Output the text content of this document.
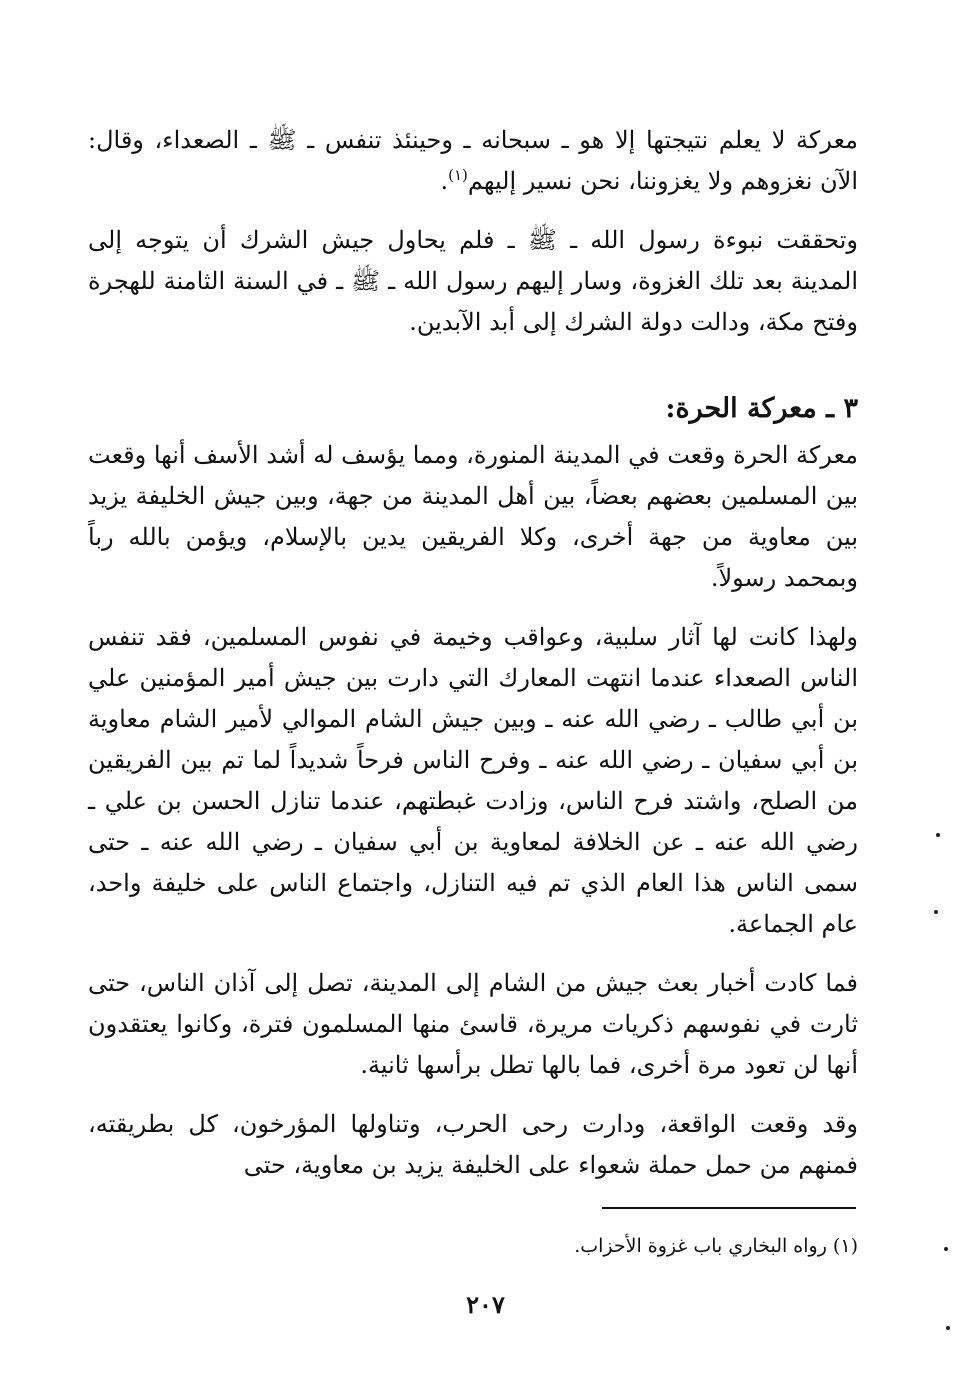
معركة لا يعلم نتيجتها إلا هو ـ سبحانه ـ وحينئذ تنفس ـ ﷺ ـ الصعداء، وقال: الآن نغزوهم ولا يغزوننا، نحن نسير إليهم$^{(١)}$.

وتحققت نبوءة رسول الله ـ ﷺ ـ فلم يحاول جيش الشرك أن يتوجه إلى المدينة بعد تلك الغزوة، وسار إليهم رسول الله ـ ﷺ ـ في السنة الثامنة للهجرة وفتح مكة، ودالت دولة الشرك إلى أبد الآبدين.

٣ ـ معركة الحرة:

معركة الحرة وقعت في المدينة المنورة، ومما يؤسف له أشد الأسف أنها وقعت بين المسلمين بعضهم بعضاً، بين أهل المدينة من جهة، وبين جيش الخليفة يزيد بين معاوية من جهة أخرى، وكلا الفريقين يدين بالإسلام، ويؤمن بالله رباً وبمحمد رسولاً.

ولهذا كانت لها آثار سلبية، وعواقب وخيمة في نفوس المسلمين، فقد تنفس الناس الصعداء عندما انتهت المعارك التي دارت بين جيش أمير المؤمنين علي بن أبي طالب ـ رضي الله عنه ـ وبين جيش الشام الموالي لأمير الشام معاوية بن أبي سفيان ـ رضي الله عنه ـ وفرح الناس فرحاً شديداً لما تم بين الفريقين من الصلح، واشتد فرح الناس، وزادت غبطتهم، عندما تنازل الحسن بن علي ـ رضي الله عنه ـ عن الخلافة لمعاوية بن أبي سفيان ـ رضي الله عنه ـ حتى سمى الناس هذا العام الذي تم فيه التنازل، واجتماع الناس على خليفة واحد، عام الجماعة.

فما كادت أخبار بعث جيش من الشام إلى المدينة، تصل إلى آذان الناس، حتى ثارت في نفوسهم ذكريات مريرة، قاسئ منها المسلمون فترة، وكانوا يعتقدون أنها لن تعود مرة أخرى، فما بالها تطل برأسها ثانية.

وقد وقعت الواقعة، ودارت رحى الحرب، وتناولها المؤرخون، كل بطريقته، فمنهم من حمل حملة شعواء على الخليفة يزيد بن معاوية، حتى

(١) رواه البخاري باب غزوة الأحزاب.
٢٠٧
